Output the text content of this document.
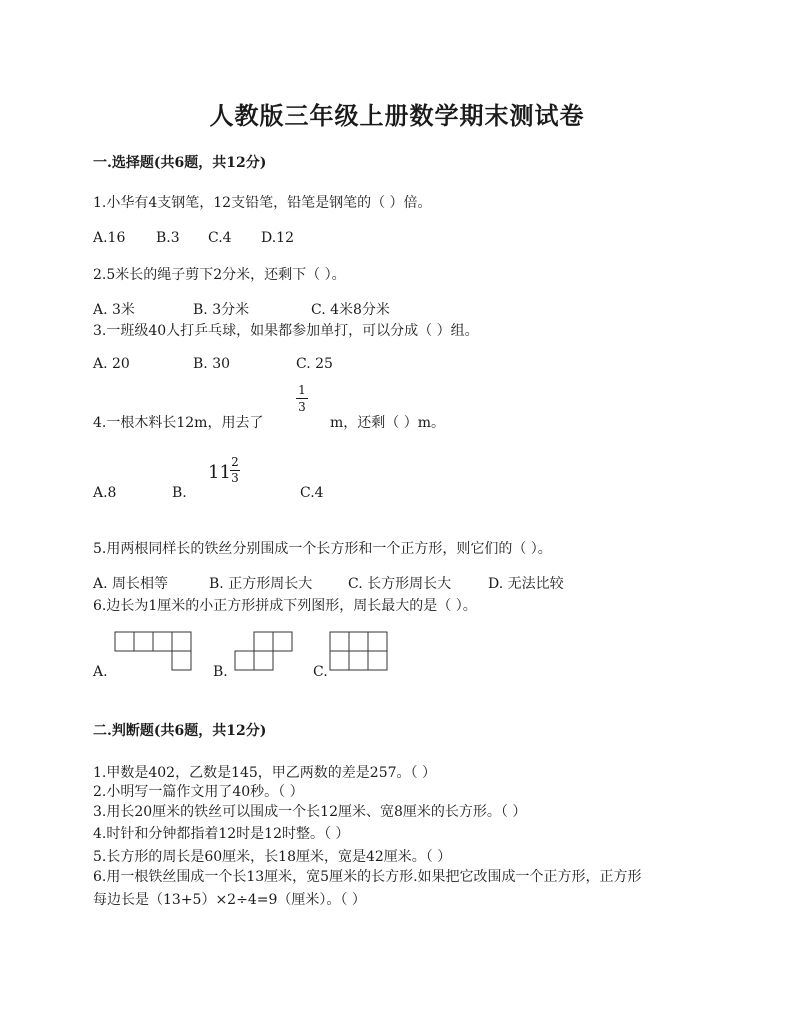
人教版三年级上册数学期末测试卷
一.选择题(共6题，共12分)
1.小华有4支钢笔，12支铅笔，铅笔是钢笔的（ ）倍。
A.16 B.3 C.4 D.12
2.5米长的绳子剪下2分米，还剩下（ ）。
A. 3米	B. 3分米	C. 4米8分米
3.一班级40人打乒乓球，如果都参加单打，可以分成（ ）组。
A. 20	B. 30	C. 25
4.一根木料长12m，用去了
1
3
m，还剩（ ）m。
A.8	B.
11 2
3
C.4
5.用两根同样长的铁丝分别围成一个长方形和一个正方形，则它们的（ ）。
A. 周长相等	B. 正方形周长大	C. 长方形周长大	D. 无法比较
6.边长为1厘米的小正方形拼成下列图形，周长最大的是（ ）。
A.	B.	C.
二.判断题(共6题，共12分)
1.甲数是402，乙数是145，甲乙两数的差是257。（ ）
2.小明写一篇作文用了40秒。（ ）
3.用长20厘米的铁丝可以围成一个长12厘米、宽8厘米的长方形。（ ）
4.时针和分钟都指着12时是12时整。（ ）
5.长方形的周长是60厘米，长18厘米，宽是42厘米。（ ）
6.用一根铁丝围成一个长13厘米，宽5厘米的长方形.如果把它改围成一个正方形，正方形
每边长是（13+5）×2÷4=9（厘米）。（ ）
